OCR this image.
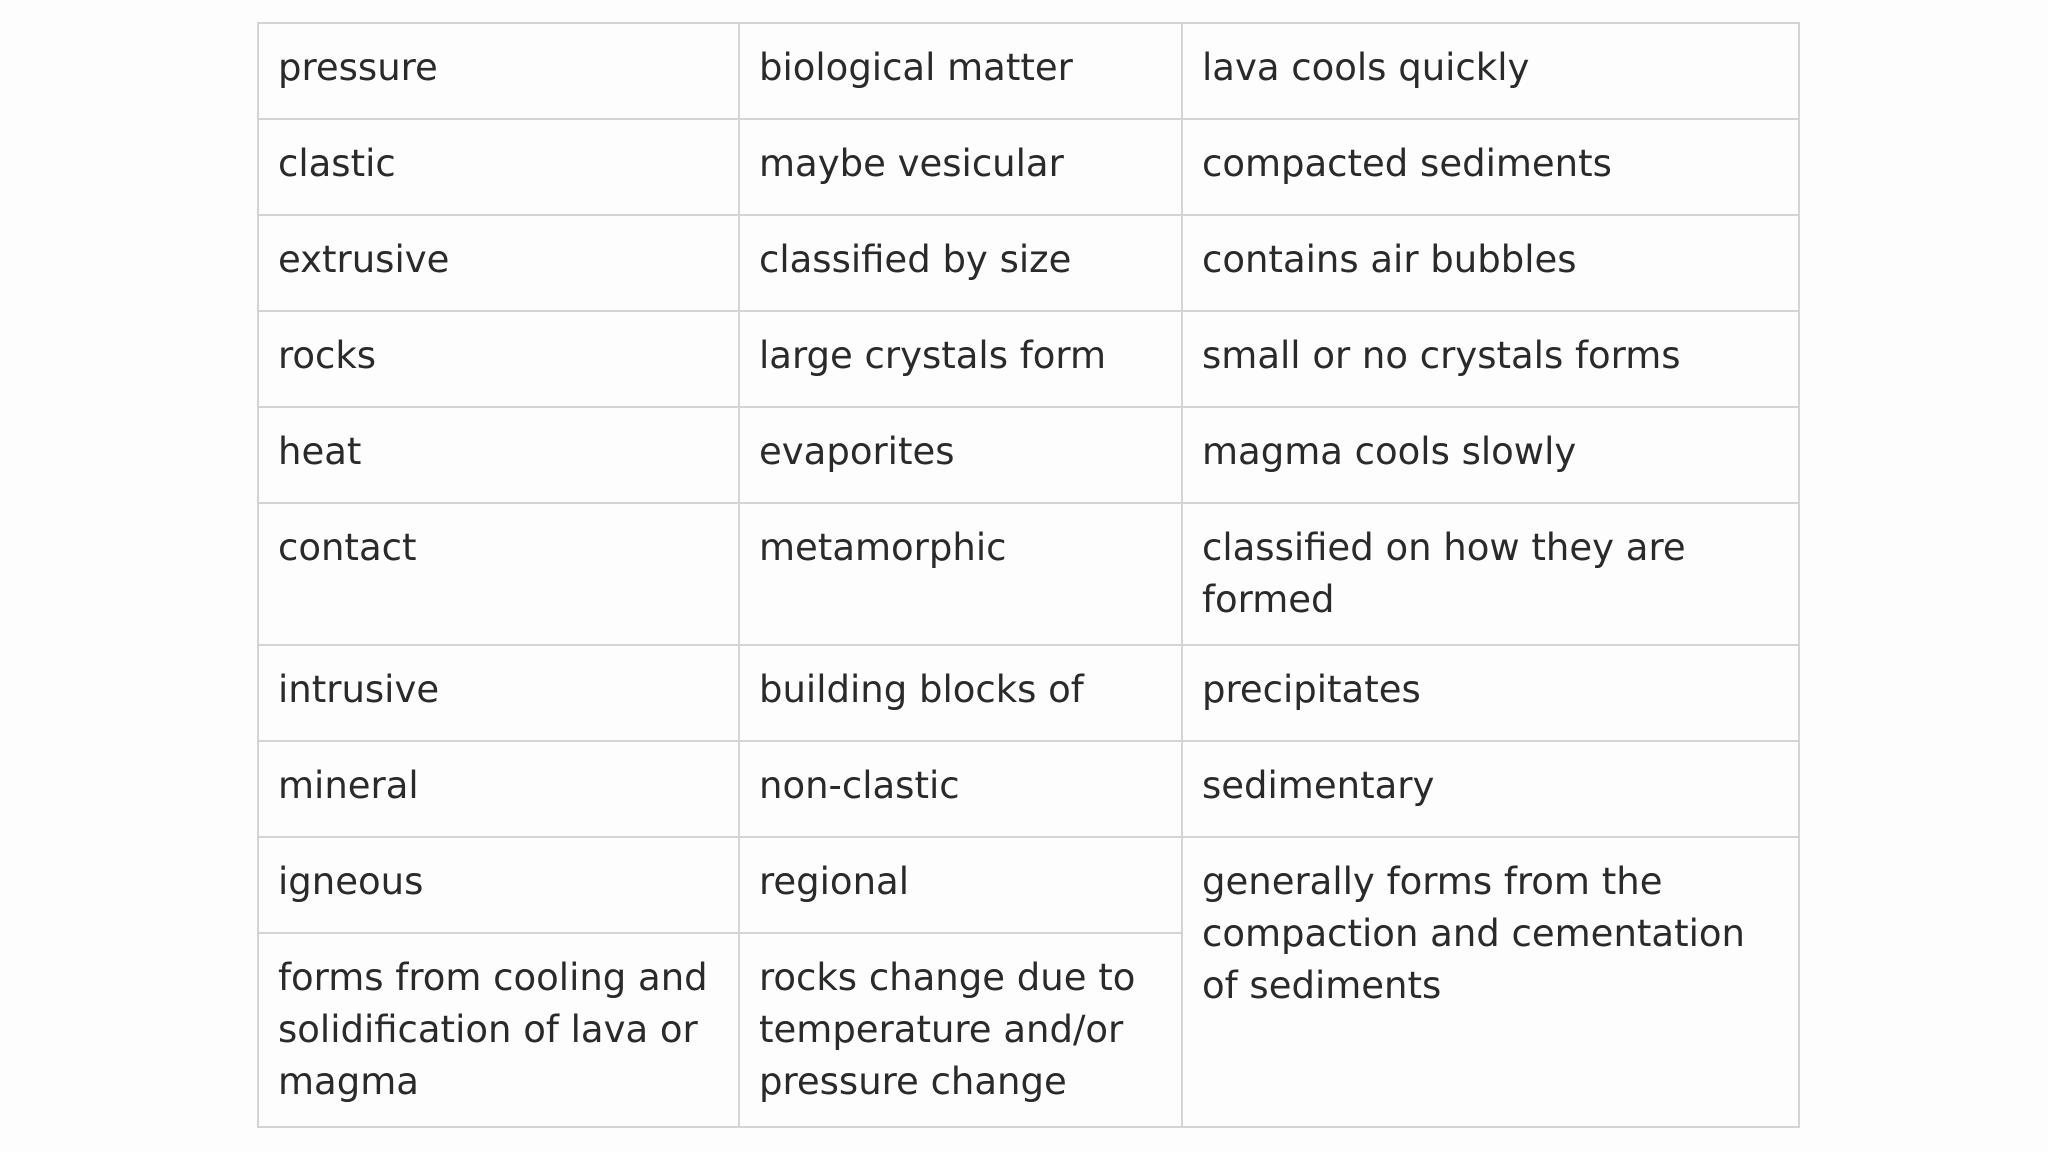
pressure	biological matter	lava cools quickly
clastic	maybe vesicular	compacted sediments
extrusive	classified by size	contains air bubbles
rocks	large crystals form	small or no crystals forms
heat	evaporites	magma cools slowly
contact	metamorphic	classified on how they are formed
intrusive	building blocks of	precipitates
mineral	non-clastic	sedimentary
igneous	regional	generally forms from the compaction and cementation of sediments
forms from cooling and solidification of lava or magma	rocks change due to temperature and/or pressure change	
